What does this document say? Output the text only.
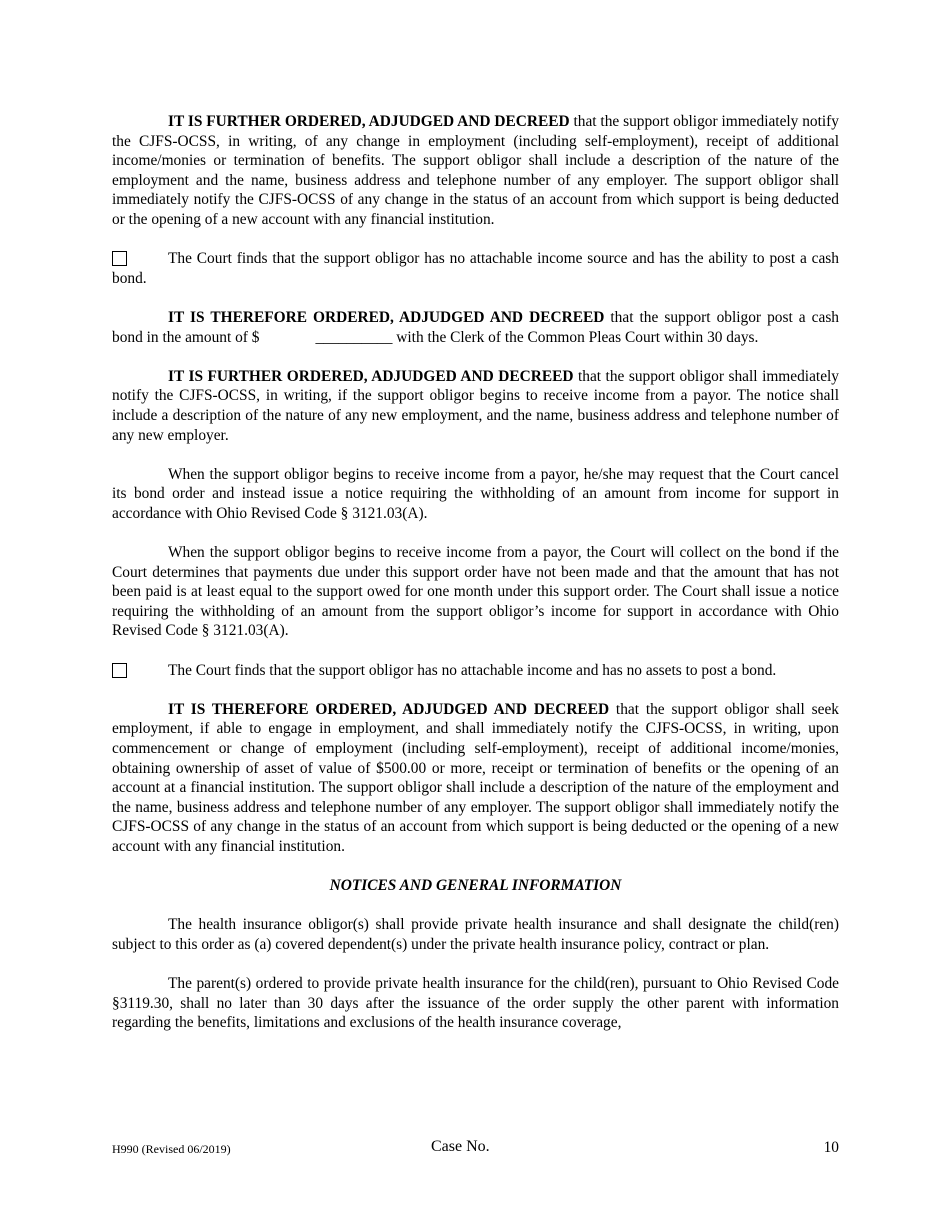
IT IS FURTHER ORDERED, ADJUDGED AND DECREED that the support obligor immediately notify the CJFS-OCSS, in writing, of any change in employment (including self-employment), receipt of additional income/monies or termination of benefits. The support obligor shall include a description of the nature of the employment and the name, business address and telephone number of any employer. The support obligor shall immediately notify the CJFS-OCSS of any change in the status of an account from which support is being deducted or the opening of a new account with any financial institution.

The Court finds that the support obligor has no attachable income source and has the ability to post a cash bond.

IT IS THEREFORE ORDERED, ADJUDGED AND DECREED that the support obligor post a cash bond in the amount of $	__________ with the Clerk of the Common Pleas Court within 30 days.

IT IS FURTHER ORDERED, ADJUDGED AND DECREED that the support obligor shall immediately notify the CJFS-OCSS, in writing, if the support obligor begins to receive income from a payor. The notice shall include a description of the nature of any new employment, and the name, business address and telephone number of any new employer.

When the support obligor begins to receive income from a payor, he/she may request that the Court cancel its bond order and instead issue a notice requiring the withholding of an amount from income for support in accordance with Ohio Revised Code § 3121.03(A).

When the support obligor begins to receive income from a payor, the Court will collect on the bond if the Court determines that payments due under this support order have not been made and that the amount that has not been paid is at least equal to the support owed for one month under this support order. The Court shall issue a notice requiring the withholding of an amount from the support obligor’s income for support in accordance with Ohio Revised Code § 3121.03(A).

The Court finds that the support obligor has no attachable income and has no assets to post a bond.

IT IS THEREFORE ORDERED, ADJUDGED AND DECREED that the support obligor shall seek employment, if able to engage in employment, and shall immediately notify the CJFS-OCSS, in writing, upon commencement or change of employment (including self-employment), receipt of additional income/monies, obtaining ownership of asset of value of $500.00 or more, receipt or termination of benefits or the opening of an account at a financial institution. The support obligor shall include a description of the nature of the employment and the name, business address and telephone number of any employer. The support obligor shall immediately notify the CJFS-OCSS of any change in the status of an account from which support is being deducted or the opening of a new account with any financial institution.

NOTICES AND GENERAL INFORMATION

The health insurance obligor(s) shall provide private health insurance and shall designate the child(ren) subject to this order as (a) covered dependent(s) under the private health insurance policy, contract or plan.

The parent(s) ordered to provide private health insurance for the child(ren), pursuant to Ohio Revised Code §3119.30, shall no later than 30 days after the issuance of the order supply the other parent with information regarding the benefits, limitations and exclusions of the health insurance coverage,

H990 (Revised 06/2019)	Case No.	10
